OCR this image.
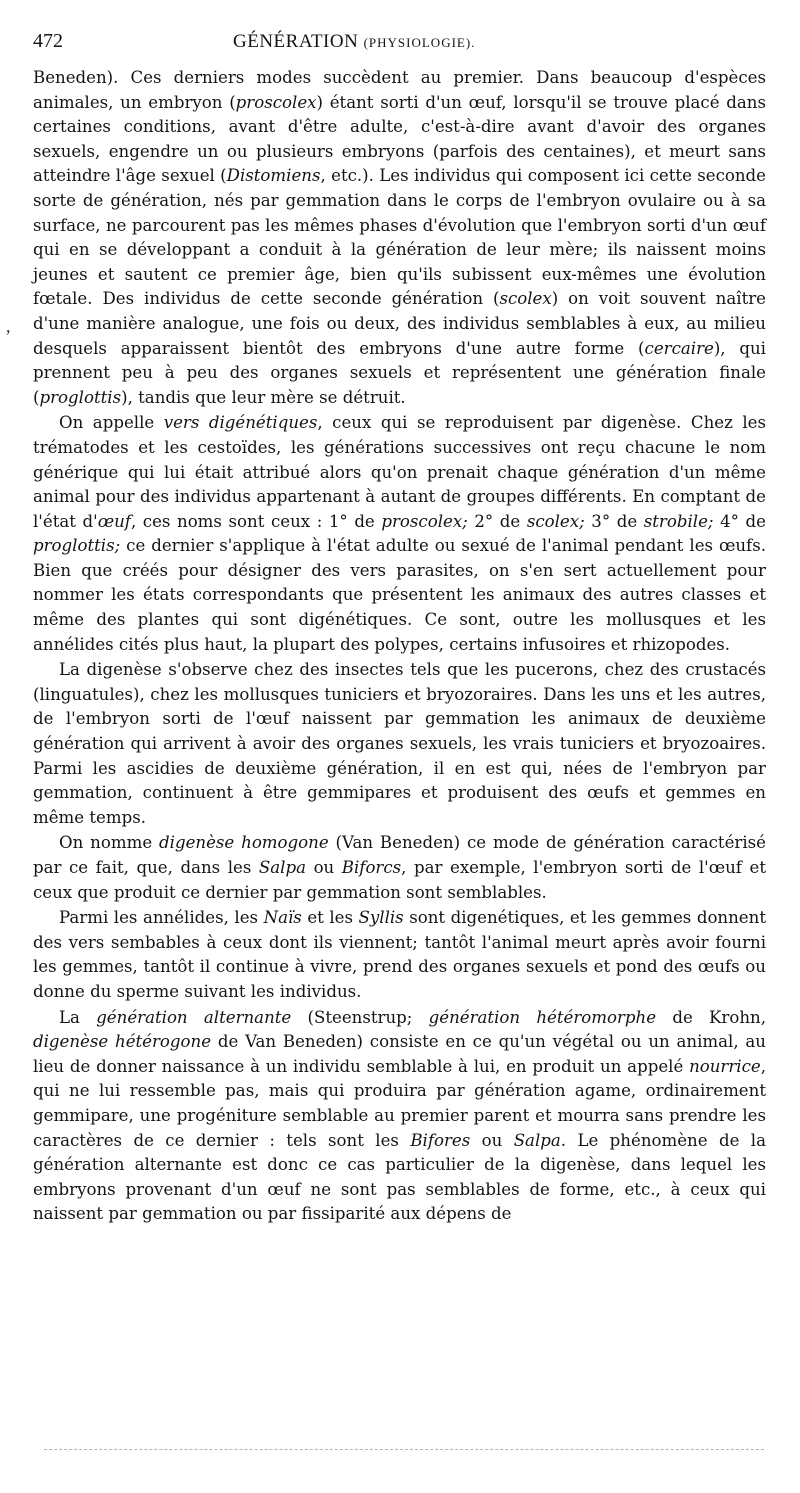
472	GÉNÉRATION (PHYSIOLOGIE).

Beneden). Ces derniers modes succèdent au premier. Dans beaucoup d'espèces animales, un embryon (proscolex) étant sorti d'un œuf, lorsqu'il se trouve placé dans certaines conditions, avant d'être adulte, c'est-à-dire avant d'avoir des organes sexuels, engendre un ou plusieurs embryons (parfois des centaines), et meurt sans atteindre l'âge sexuel (Distomiens, etc.). Les individus qui composent ici cette seconde sorte de génération, nés par gemmation dans le corps de l'embryon ovulaire ou à sa surface, ne parcourent pas les mêmes phases d'évolution que l'embryon sorti d'un œuf qui en se développant a conduit à la génération de leur mère; ils naissent moins jeunes et sautent ce premier âge, bien qu'ils subissent eux-mêmes une évolution fœtale. Des individus de cette seconde génération (scolex) on voit souvent naître d'une manière analogue, une fois ou deux, des individus semblables à eux, au milieu desquels apparaissent bientôt des embryons d'une autre forme (cercaire), qui prennent peu à peu des organes sexuels et représentent une génération finale (proglottis), tandis que leur mère se détruit.

On appelle vers digénétiques, ceux qui se reproduisent par digenèse. Chez les trématodes et les cestoïdes, les générations successives ont reçu chacune le nom générique qui lui était attribué alors qu'on prenait chaque génération d'un même animal pour des individus appartenant à autant de groupes différents. En comptant de l'état d'œuf, ces noms sont ceux : 1° de proscolex; 2° de scolex; 3° de strobile; 4° de proglottis; ce dernier s'applique à l'état adulte ou sexué de l'animal pendant les œufs. Bien que créés pour désigner des vers parasites, on s'en sert actuellement pour nommer les états correspondants que présentent les animaux des autres classes et même des plantes qui sont digénétiques. Ce sont, outre les mollusques et les annélides cités plus haut, la plupart des polypes, certains infusoires et rhizopodes.

La digenèse s'observe chez des insectes tels que les pucerons, chez des crustacés (linguatules), chez les mollusques tuniciers et bryozoraires. Dans les uns et les autres, de l'embryon sorti de l'œuf naissent par gemmation les animaux de deuxième génération qui arrivent à avoir des organes sexuels, les vrais tuniciers et bryozoaires. Parmi les ascidies de deuxième génération, il en est qui, nées de l'embryon par gemmation, continuent à être gemmipares et produisent des œufs et gemmes en même temps.

On nomme digenèse homogone (Van Beneden) ce mode de génération caractérisé par ce fait, que, dans les Salpa ou Biforcs, par exemple, l'embryon sorti de l'œuf et ceux que produit ce dernier par gemmation sont semblables.

Parmi les annélides, les Naïs et les Syllis sont digenétiques, et les gemmes donnent des vers sembables à ceux dont ils viennent; tantôt l'animal meurt après avoir fourni les gemmes, tantôt il continue à vivre, prend des organes sexuels et pond des œufs ou donne du sperme suivant les individus.

La génération alternante (Steenstrup; génération hétéromorphe de Krohn, digenèse hétérogone de Van Beneden) consiste en ce qu'un végétal ou un animal, au lieu de donner naissance à un individu semblable à lui, en produit un appelé nourrice, qui ne lui ressemble pas, mais qui produira par génération agame, ordinairement gemmipare, une progéniture semblable au premier parent et mourra sans prendre les caractères de ce dernier : tels sont les Bifores ou Salpa. Le phénomène de la génération alternante est donc ce cas particulier de la digenèse, dans lequel les embryons provenant d'un œuf ne sont pas semblables de forme, etc., à ceux qui naissent par gemmation ou par fissiparité aux dépens de

,
